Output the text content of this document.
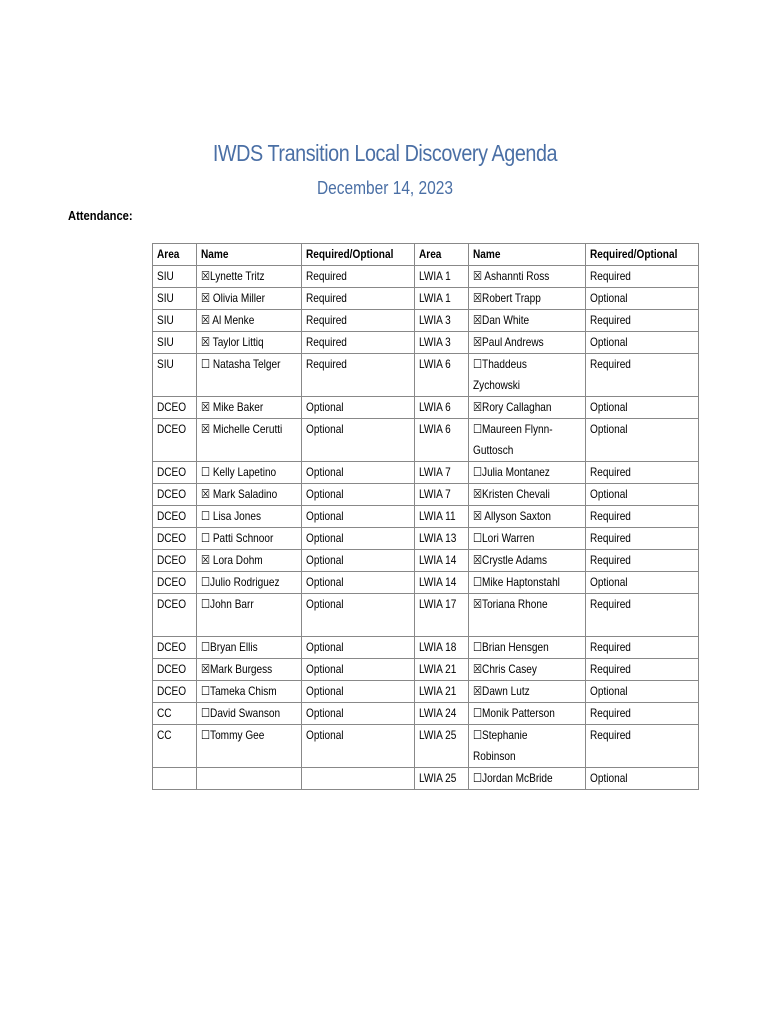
IWDS Transition Local Discovery Agenda
December 14, 2023
Attendance:
Area	Name	Required/Optional	Area	Name	Required/Optional
SIU	☒Lynette Tritz	Required	LWIA 1	☒ Ashannti Ross	Required
SIU	☒ Olivia Miller	Required	LWIA 1	☒Robert Trapp	Optional
SIU	☒ Al Menke	Required	LWIA 3	☒Dan White	Required
SIU	☒ Taylor Littiq	Required	LWIA 3	☒Paul Andrews	Optional
SIU	☐ Natasha Telger	Required	LWIA 6	☐Thaddeus Zychowski	Required
DCEO	☒ Mike Baker	Optional	LWIA 6	☒Rory Callaghan	Optional
DCEO	☒ Michelle Cerutti	Optional	LWIA 6	☐Maureen Flynn-Guttosch	Optional
DCEO	☐ Kelly Lapetino	Optional	LWIA 7	☐Julia Montanez	Required
DCEO	☒ Mark Saladino	Optional	LWIA 7	☒Kristen Chevali	Optional
DCEO	☐ Lisa Jones	Optional	LWIA 11	☒ Allyson Saxton	Required
DCEO	☐ Patti Schnoor	Optional	LWIA 13	☐Lori Warren	Required
DCEO	☒ Lora Dohm	Optional	LWIA 14	☒Crystle Adams	Required
DCEO	☐Julio Rodriguez	Optional	LWIA 14	☐Mike Haptonstahl	Optional
DCEO	☐John Barr	Optional	LWIA 17	☒Toriana Rhone	Required
DCEO	☐Bryan Ellis	Optional	LWIA 18	☐Brian Hensgen	Required
DCEO	☒Mark Burgess	Optional	LWIA 21	☒Chris Casey	Required
DCEO	☐Tameka Chism	Optional	LWIA 21	☒Dawn Lutz	Optional
CC	☐David Swanson	Optional	LWIA 24	☐Monik Patterson	Required
CC	☐Tommy Gee	Optional	LWIA 25	☐Stephanie Robinson	Required
			LWIA 25	☐Jordan McBride	Optional
